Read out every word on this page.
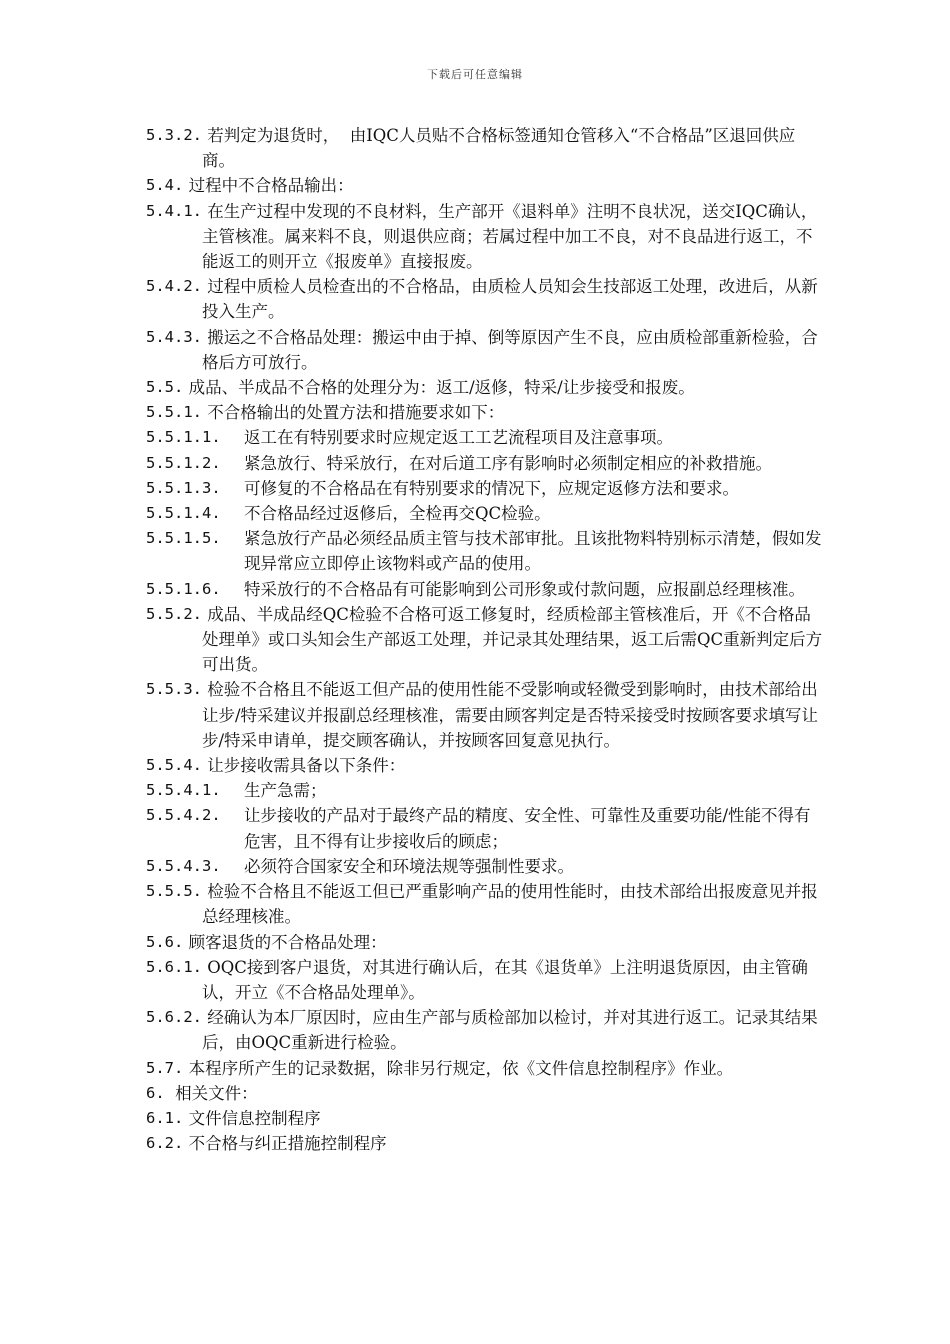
下载后可任意编辑
5.3.2. 若判定为退货时，  由IQC人员贴不合格标签通知仓管移入“不合格品”区退回供应商。
5.4. 过程中不合格品输出：
5.4.1. 在生产过程中发现的不良材料，生产部开《退料单》注明不良状况，送交IQC确认，主管核准。属来料不良，则退供应商；若属过程中加工不良，对不良品进行返工，不能返工的则开立《报废单》直接报废。
5.4.2. 过程中质检人员检查出的不合格品，由质检人员知会生技部返工处理，改进后，从新投入生产。
5.4.3. 搬运之不合格品处理：搬运中由于掉、倒等原因产生不良，应由质检部重新检验，合格后方可放行。
5.5. 成品、半成品不合格的处理分为：返工/返修，特采/让步接受和报废。
5.5.1. 不合格输出的处置方法和措施要求如下：
5.5.1.1.	返工在有特别要求时应规定返工工艺流程项目及注意事项。
5.5.1.2.	紧急放行、特采放行，在对后道工序有影响时必须制定相应的补救措施。
5.5.1.3.	可修复的不合格品在有特别要求的情况下，应规定返修方法和要求。
5.5.1.4.	不合格品经过返修后，全检再交QC检验。
5.5.1.5.	紧急放行产品必须经品质主管与技术部审批。且该批物料特别标示清楚，假如发现异常应立即停止该物料或产品的使用。
5.5.1.6.	特采放行的不合格品有可能影响到公司形象或付款问题，应报副总经理核准。
5.5.2. 成品、半成品经QC检验不合格可返工修复时，经质检部主管核准后，开《不合格品处理单》或口头知会生产部返工处理，并记录其处理结果，返工后需QC重新判定后方可出货。
5.5.3. 检验不合格且不能返工但产品的使用性能不受影响或轻微受到影响时，由技术部给出让步/特采建议并报副总经理核准，需要由顾客判定是否特采接受时按顾客要求填写让步/特采申请单，提交顾客确认，并按顾客回复意见执行。
5.5.4. 让步接收需具备以下条件：
5.5.4.1.	生产急需；
5.5.4.2.	让步接收的产品对于最终产品的精度、安全性、可靠性及重要功能/性能不得有危害，且不得有让步接收后的顾虑；
5.5.4.3.	必须符合国家安全和环境法规等强制性要求。
5.5.5. 检验不合格且不能返工但已严重影响产品的使用性能时，由技术部给出报废意见并报总经理核准。
5.6. 顾客退货的不合格品处理：
5.6.1. OQC接到客户退货，对其进行确认后，在其《退货单》上注明退货原因，由主管确认，开立《不合格品处理单》。
5.6.2. 经确认为本厂原因时，应由生产部与质检部加以检讨，并对其进行返工。记录其结果后，由OQC重新进行检验。
5.7. 本程序所产生的记录数据，除非另行规定，依《文件信息控制程序》作业。
6. 相关文件：
6.1. 文件信息控制程序
6.2. 不合格与纠正措施控制程序
